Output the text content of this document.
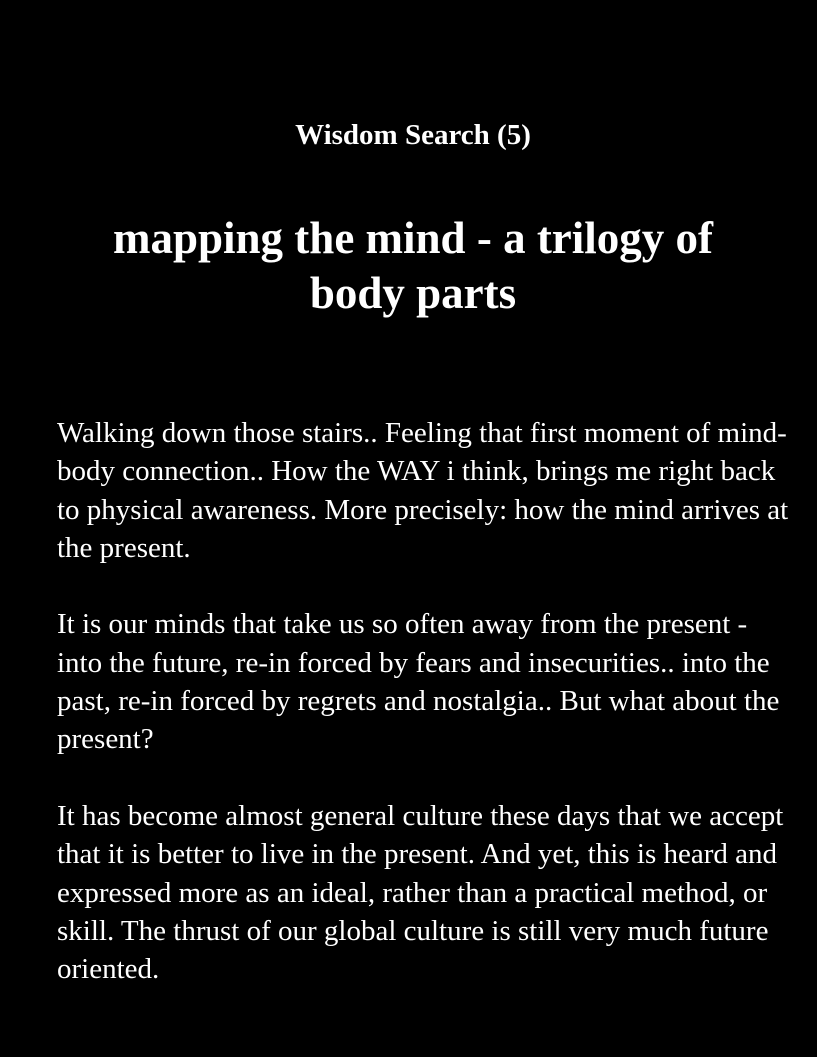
Wisdom Search (5)
mapping the mind - a trilogy of body parts

Walking down those stairs.. Feeling that first moment of mind-body connection.. How the WAY i think, brings me right back to physical awareness. More precisely: how the mind arrives at the present.

It is our minds that take us so often away from the present - into the future, re-in forced by fears and insecurities.. into the past, re-in forced by regrets and nostalgia.. But what about the present?

It has become almost general culture these days that we accept that it is better to live in the present. And yet, this is heard and expressed more as an ideal, rather than a practical method, or skill. The thrust of our global culture is still very much future oriented.
